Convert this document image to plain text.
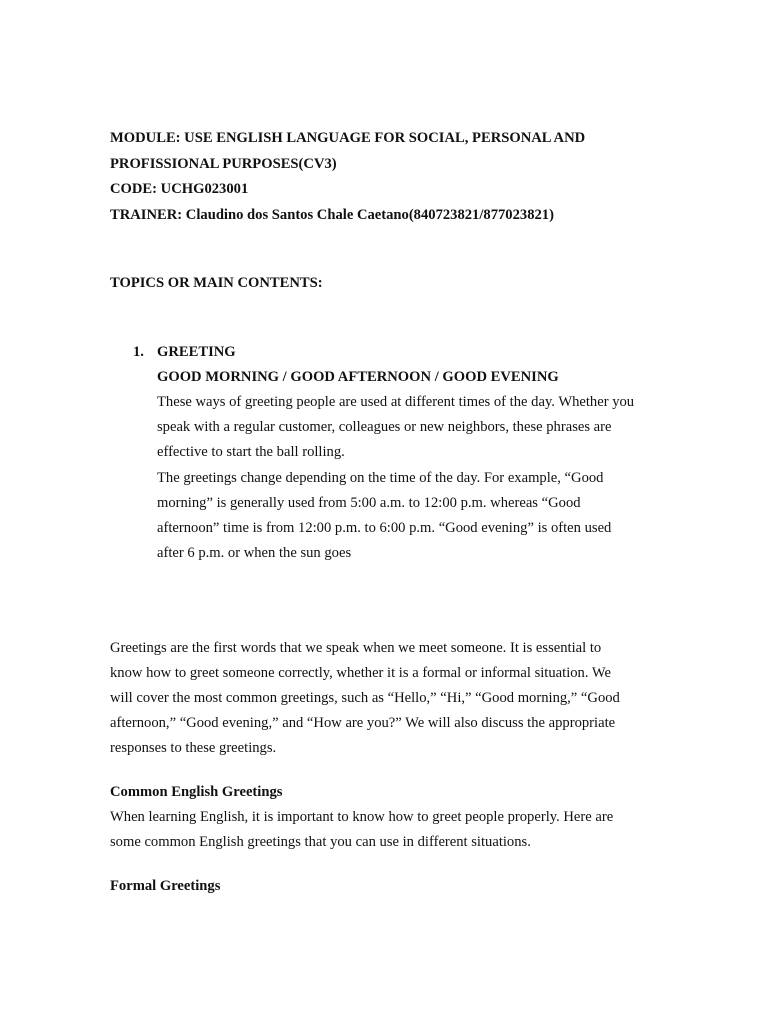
MODULE: USE ENGLISH LANGUAGE FOR SOCIAL, PERSONAL AND
PROFISSIONAL PURPOSES(CV3)
CODE: UCHG023001
TRAINER: Claudino dos Santos Chale Caetano(840723821/877023821)
TOPICS OR MAIN CONTENTS:
1. GREETING
GOOD MORNING / GOOD AFTERNOON / GOOD EVENING
These ways of greeting people are used at different times of the day. Whether you
speak with a regular customer, colleagues or new neighbors, these phrases are
effective to start the ball rolling.
The greetings change depending on the time of the day. For example, “Good
morning” is generally used from 5:00 a.m. to 12:00 p.m. whereas “Good
afternoon” time is from 12:00 p.m. to 6:00 p.m. “Good evening” is often used
after 6 p.m. or when the sun goes
Greetings are the first words that we speak when we meet someone. It is essential to
know how to greet someone correctly, whether it is a formal or informal situation. We
will cover the most common greetings, such as “Hello,” “Hi,” “Good morning,” “Good
afternoon,” “Good evening,” and “How are you?” We will also discuss the appropriate
responses to these greetings.
Common English Greetings
When learning English, it is important to know how to greet people properly. Here are
some common English greetings that you can use in different situations.
Formal Greetings
